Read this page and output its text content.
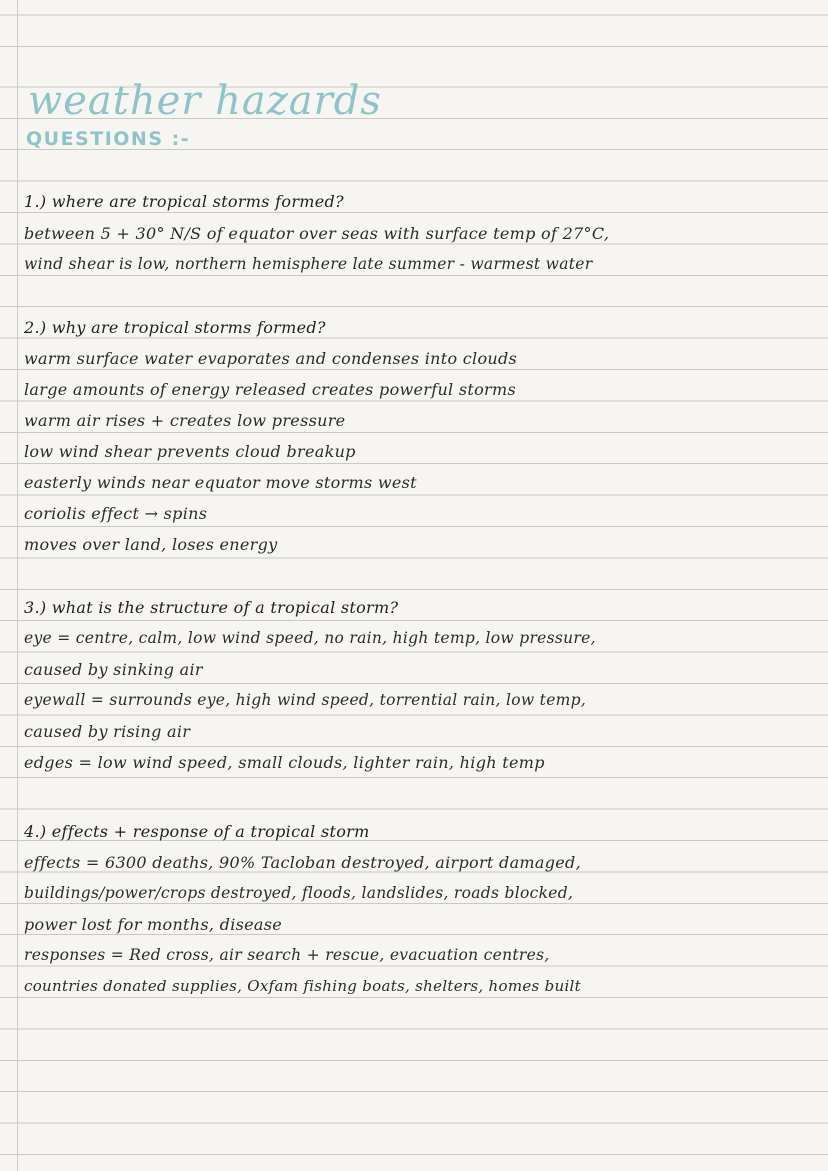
weather hazards
QUESTIONS :-
1.) where are tropical storms formed?
between 5 + 30° N/S of equator over seas with surface temp of 27°C,
wind shear is low, northern hemisphere late summer - warmest water
2.) why are tropical storms formed?
warm surface water evaporates and condenses into clouds
large amounts of energy released creates powerful storms
warm air rises + creates low pressure
low wind shear prevents cloud breakup
easterly winds near equator move storms west
coriolis effect → spins
moves over land, loses energy
3.) what is the structure of a tropical storm?
eye = centre, calm, low wind speed, no rain, high temp, low pressure,
caused by sinking air
eyewall = surrounds eye, high wind speed, torrential rain, low temp,
caused by rising air
edges = low wind speed, small clouds, lighter rain, high temp
4.) effects + response of a tropical storm
effects = 6300 deaths, 90% Tacloban destroyed, airport damaged,
buildings/power/crops destroyed, floods, landslides, roads blocked,
power lost for months, disease
responses = Red cross, air search + rescue, evacuation centres,
countries donated supplies, Oxfam fishing boats, shelters, homes built
